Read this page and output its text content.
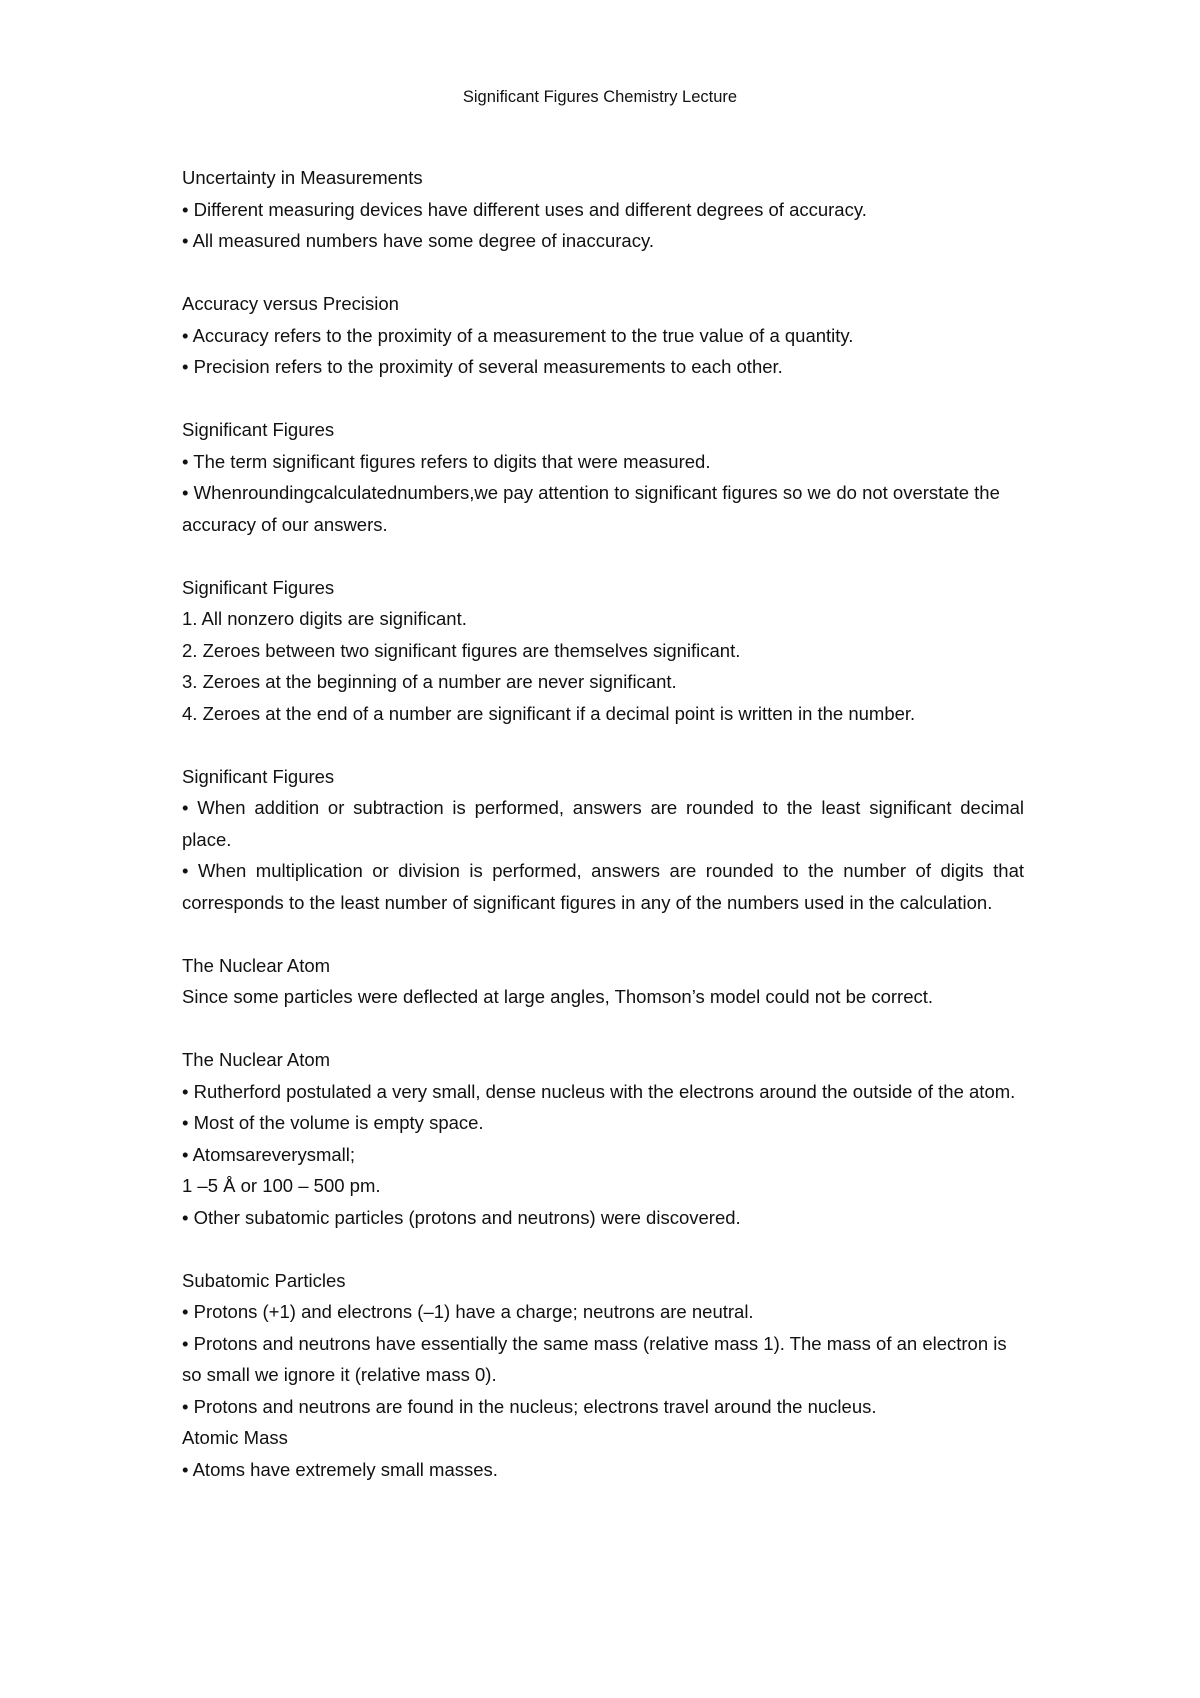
Significant Figures Chemistry Lecture
Uncertainty in Measurements
• Different measuring devices have different uses and different degrees of accuracy.
• All measured numbers have some degree of inaccuracy.
Accuracy versus Precision
• Accuracy refers to the proximity of a measurement to the true value of a quantity.
• Precision refers to the proximity of several measurements to each other.
Significant Figures
• The term significant figures refers to digits that were measured.
• Whenroundingcalculatednumbers,we pay attention to significant figures so we do not overstate the accuracy of our answers.
Significant Figures
1. All nonzero digits are significant.
2. Zeroes between two significant figures are themselves significant.
3. Zeroes at the beginning of a number are never significant.
4. Zeroes at the end of a number are significant if a decimal point is written in the number.
Significant Figures
• When addition or subtraction is performed, answers are rounded to the least significant decimal place.
• When multiplication or division is performed, answers are rounded to the number of digits that corresponds to the least number of significant figures in any of the numbers used in the calculation.
The Nuclear Atom
Since some particles were deflected at large angles, Thomson’s model could not be correct.
The Nuclear Atom
• Rutherford postulated a very small, dense nucleus with the electrons around the outside of the atom.
• Most of the volume is empty space.
• Atomsareverysmall;
1 –5 Å or 100 – 500 pm.
• Other subatomic particles (protons and neutrons) were discovered.
Subatomic Particles
• Protons (+1) and electrons (–1) have a charge; neutrons are neutral.
• Protons and neutrons have essentially the same mass (relative mass 1). The mass of an electron is so small we ignore it (relative mass 0).
• Protons and neutrons are found in the nucleus; electrons travel around the nucleus.
Atomic Mass
• Atoms have extremely small masses.
